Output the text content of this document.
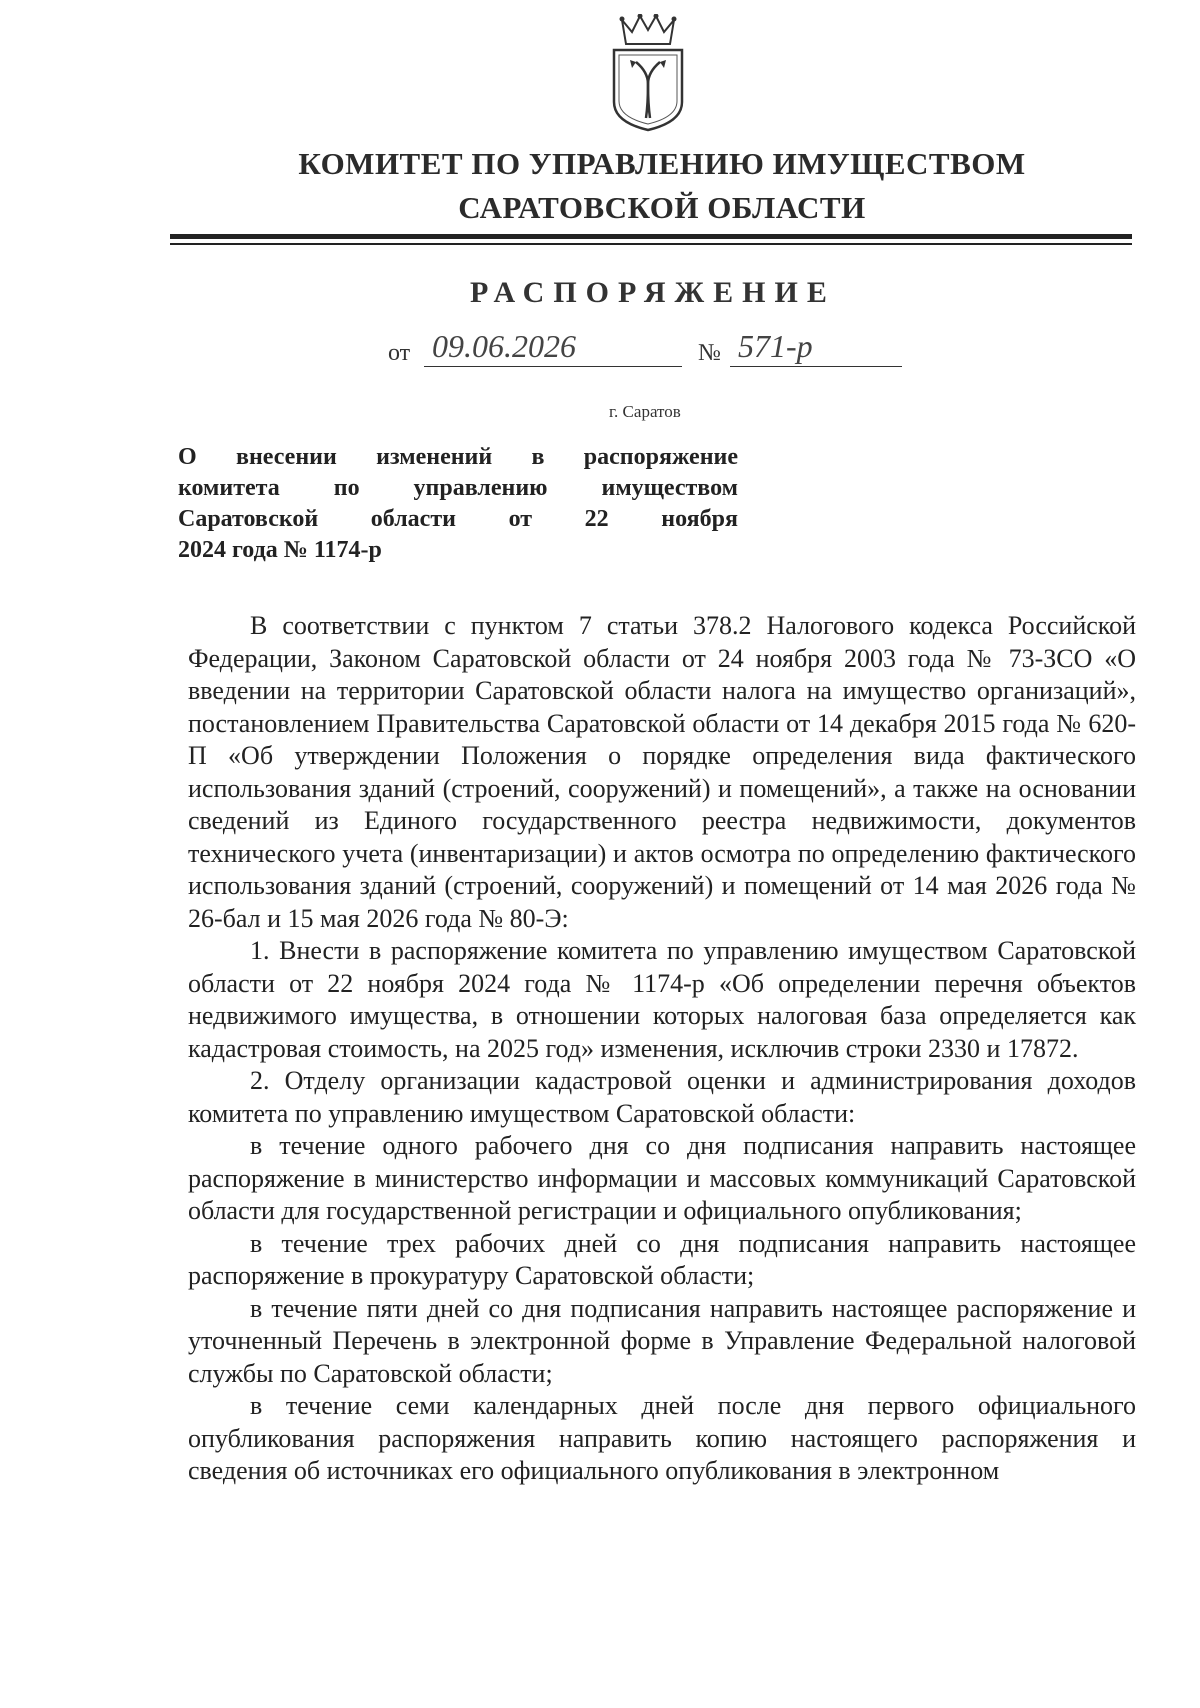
КОМИТЕТ ПО УПРАВЛЕНИЮ ИМУЩЕСТВОМ
САРАТОВСКОЙ ОБЛАСТИ
РАСПОРЯЖЕНИЕ
от 09.06.2026	№ 571-р
г. Саратов

О внесении изменений в распоряжение

комитета по управлению имуществом

Саратовской области от 22 ноября

2024 года № 1174-р

В соответствии с пунктом 7 статьи 378.2 Налогового кодекса Российской Федерации, Законом Саратовской области от 24 ноября 2003 года № 73-ЗСО «О введении на территории Саратовской области налога на имущество организаций», постановлением Правительства Саратовской области от 14 декабря 2015 года № 620-П «Об утверждении Положения о порядке определения вида фактического использования зданий (строений, сооружений) и помещений», а также на основании сведений из Единого государственного реестра недвижимости, документов технического учета (инвентаризации) и актов осмотра по определению фактического использования зданий (строений, сооружений) и помещений от 14 мая 2026 года № 26-бал и 15 мая 2026 года № 80-Э:

1. Внести в распоряжение комитета по управлению имуществом Саратовской области от 22 ноября 2024 года № 1174-р «Об определении перечня объектов недвижимого имущества, в отношении которых налоговая база определяется как кадастровая стоимость, на 2025 год» изменения, исключив строки 2330 и 17872.

2. Отделу организации кадастровой оценки и администрирования доходов комитета по управлению имуществом Саратовской области:

в течение одного рабочего дня со дня подписания направить настоящее распоряжение в министерство информации и массовых коммуникаций Саратовской области для государственной регистрации и официального опубликования;

в течение трех рабочих дней со дня подписания направить настоящее распоряжение в прокуратуру Саратовской области;

в течение пяти дней со дня подписания направить настоящее распоряжение и уточненный Перечень в электронной форме в Управление Федеральной налоговой службы по Саратовской области;

в течение семи календарных дней после дня первого официального опубликования распоряжения направить копию настоящего распоряжения и сведения об источниках его официального опубликования в электронном
